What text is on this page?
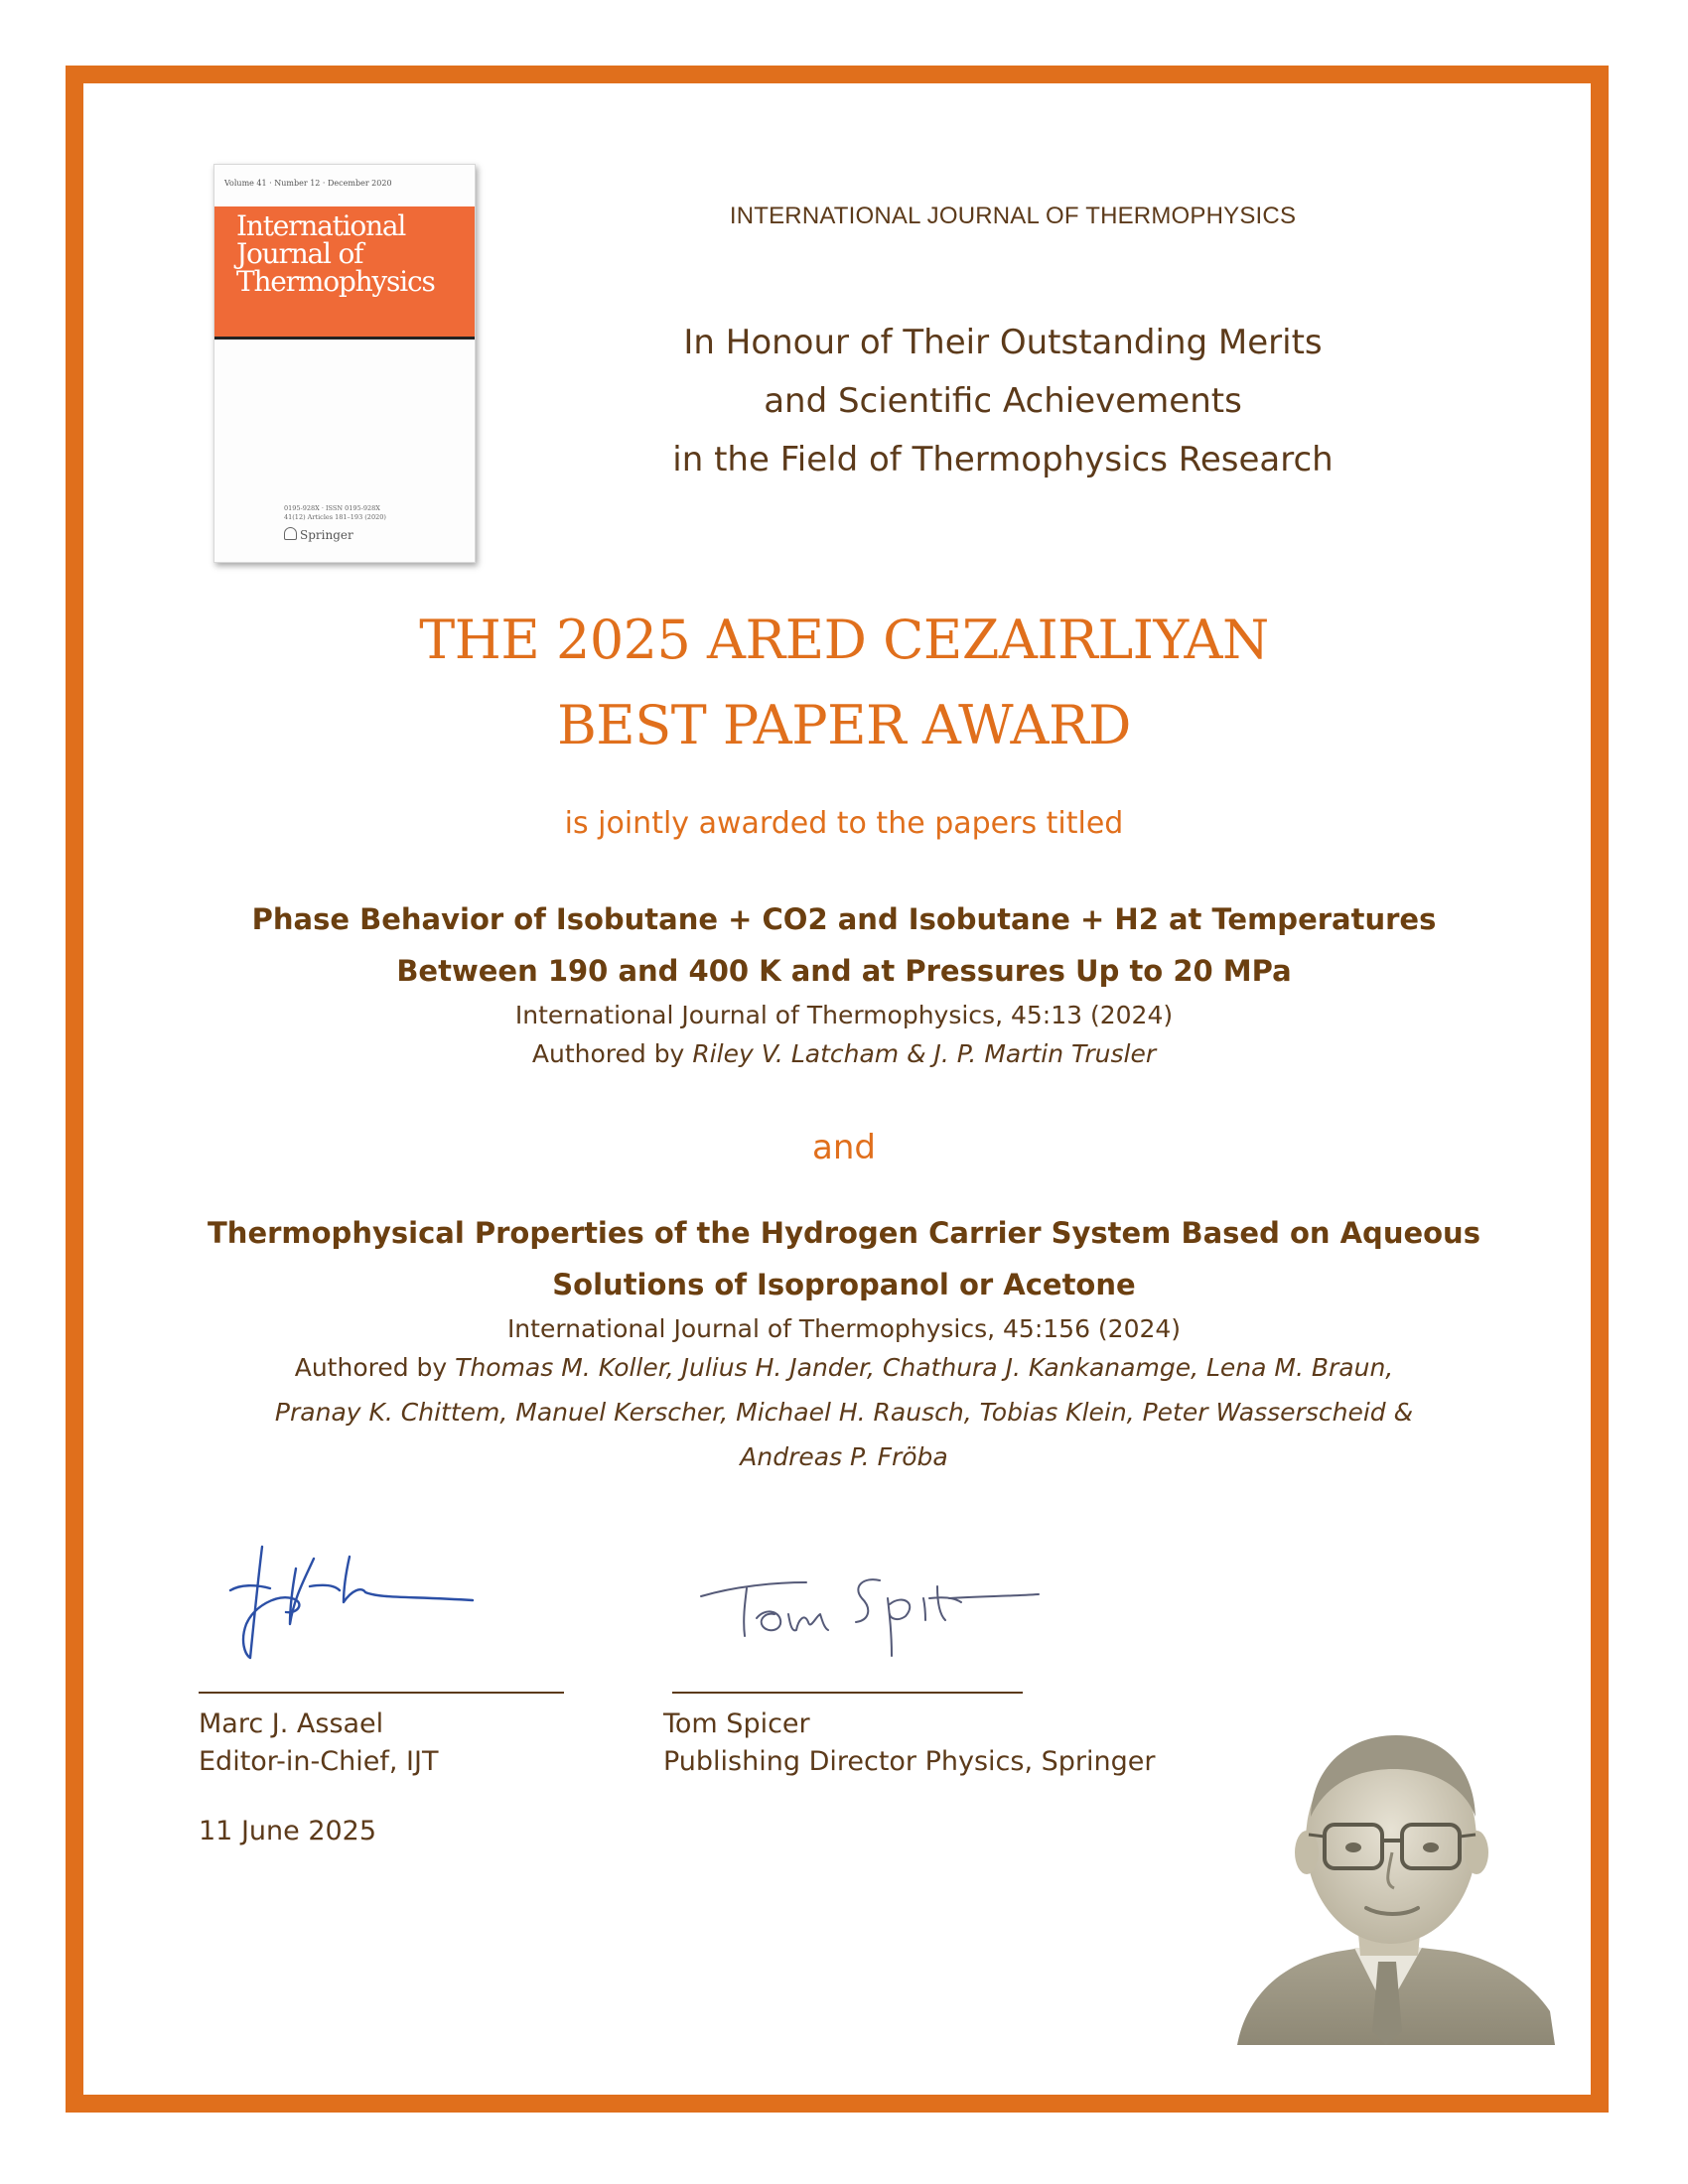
Volume 41 · Number 12 · December 2020
International
Journal of
Thermophysics
0195-928X · ISSN 0195-928X
41(12) Articles 181–193 (2020)
Springer
INTERNATIONAL JOURNAL OF THERMOPHYSICS
In Honour of Their Outstanding Merits
and Scientific Achievements
in the Field of Thermophysics Research
THE 2025 ARED CEZAIRLIYAN
BEST PAPER AWARD
is jointly awarded to the papers titled
Phase Behavior of Isobutane + CO2 and Isobutane + H2 at Temperatures
Between 190 and 400 K and at Pressures Up to 20 MPa
International Journal of Thermophysics, 45:13 (2024)
Authored by Riley V. Latcham & J. P. Martin Trusler
and
Thermophysical Properties of the Hydrogen Carrier System Based on Aqueous
Solutions of Isopropanol or Acetone
International Journal of Thermophysics, 45:156 (2024)
Authored by Thomas M. Koller, Julius H. Jander, Chathura J. Kankanamge, Lena M. Braun,
Pranay K. Chittem, Manuel Kerscher, Michael H. Rausch, Tobias Klein, Peter Wasserscheid &
Andreas P. Fröba
Marc J. Assael
Editor-in-Chief, IJT
Tom Spicer
Publishing Director Physics, Springer
11 June 2025
